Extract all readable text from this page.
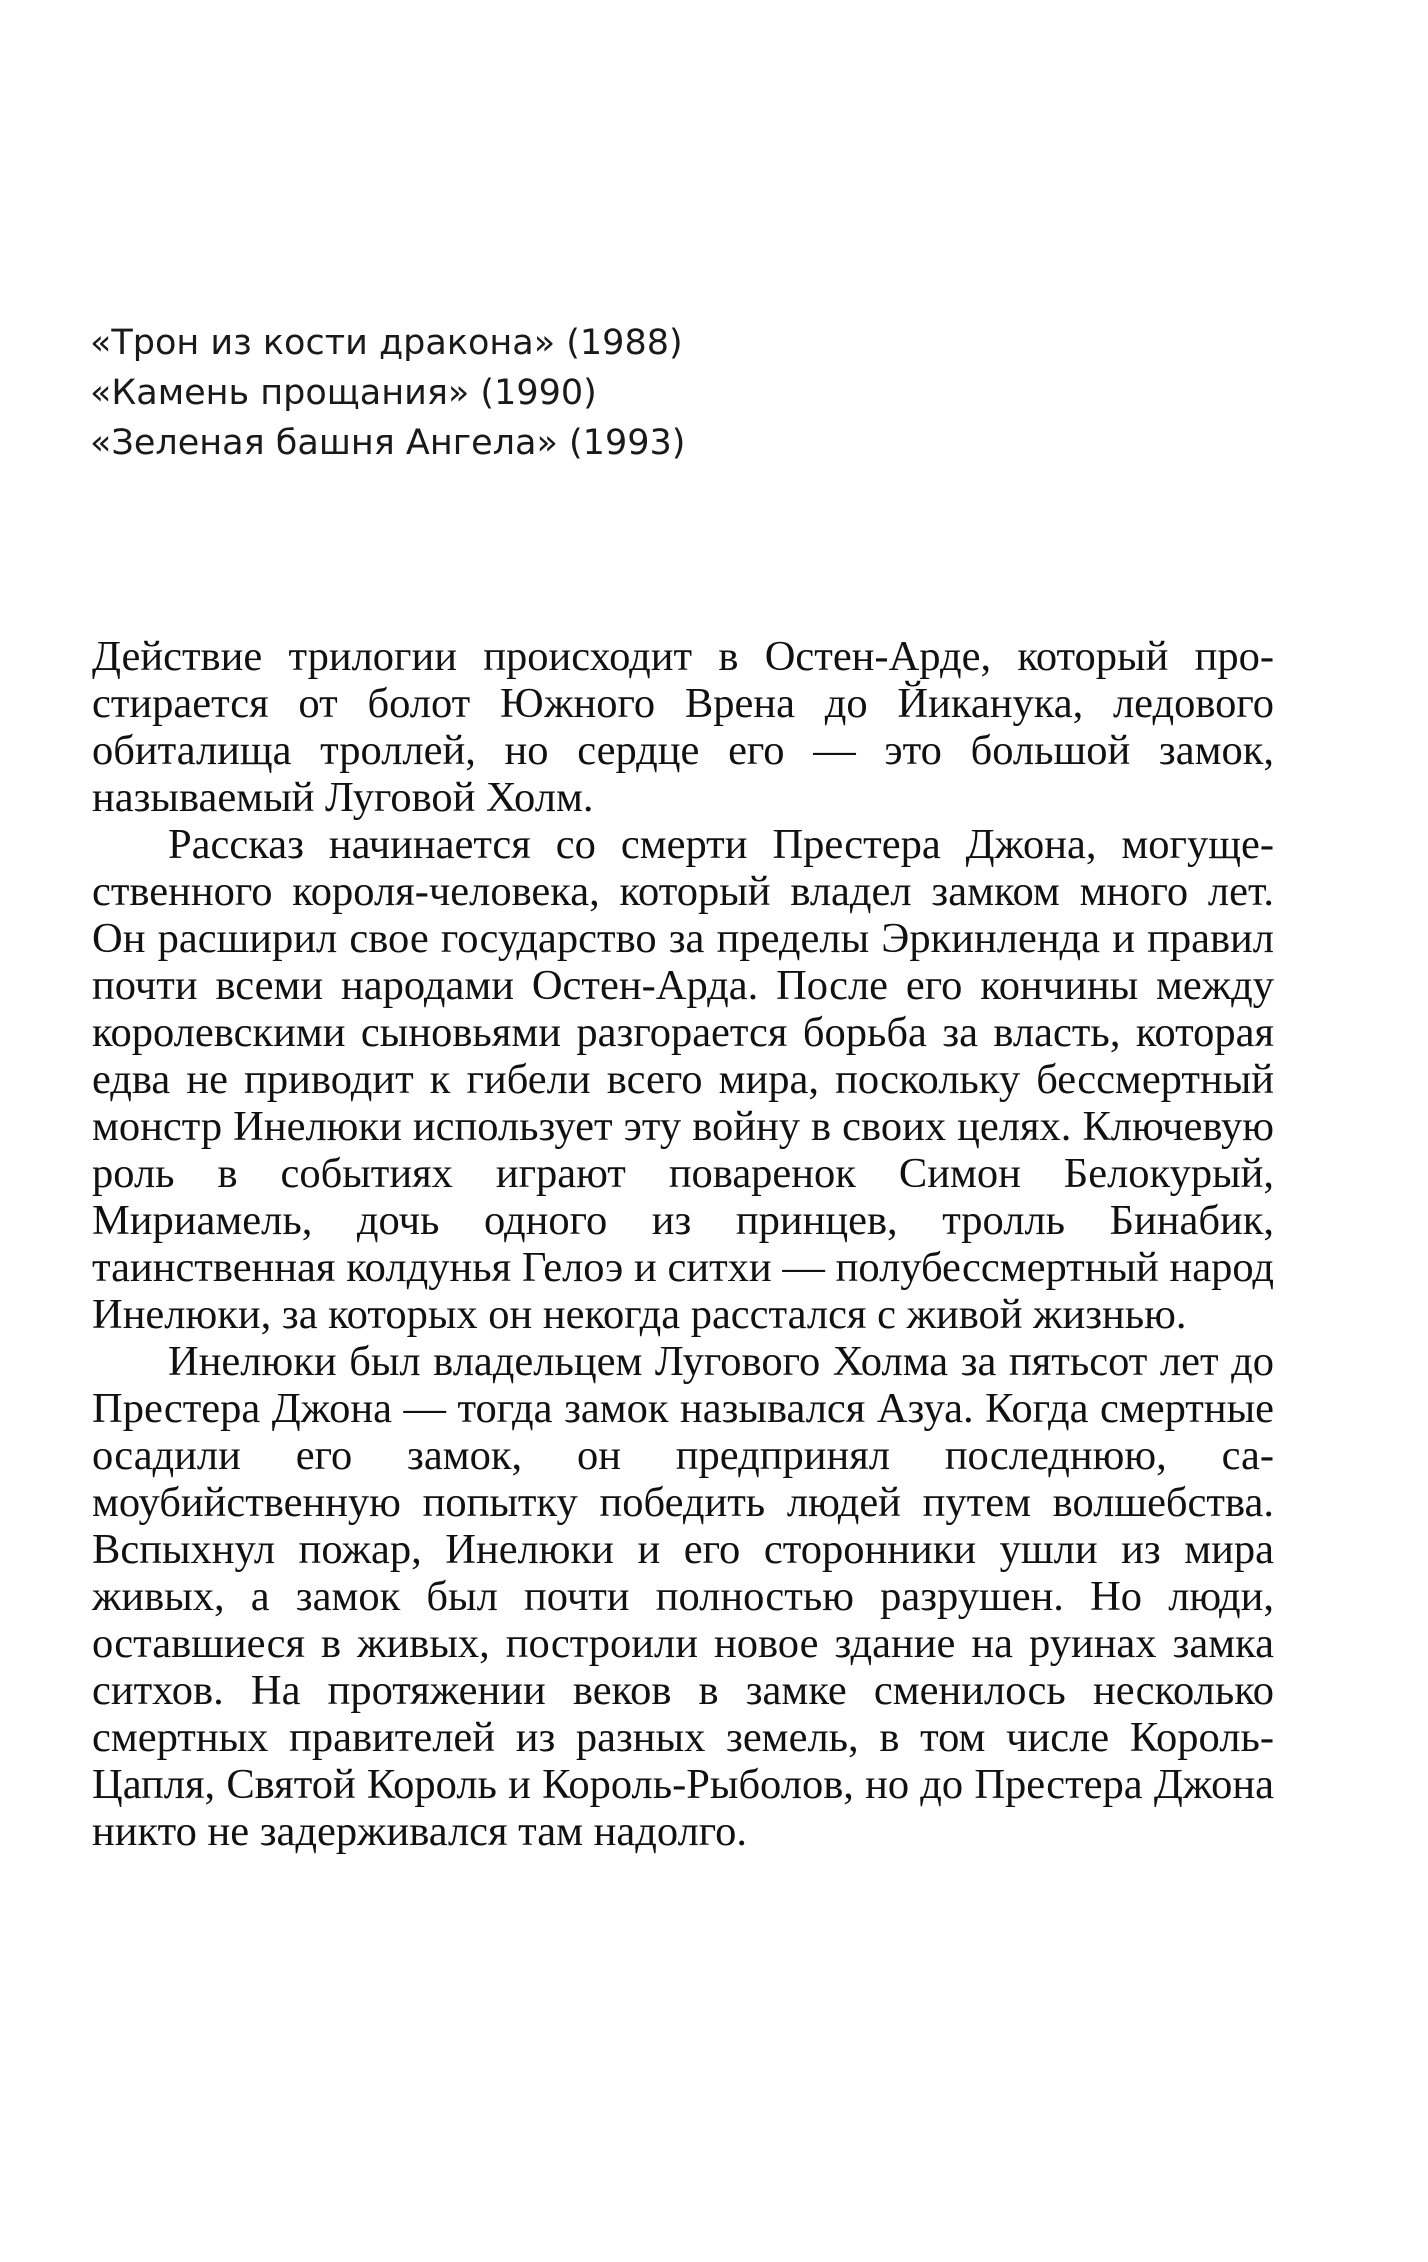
«Трон из кости дракона» (1988)
«Камень прощания» (1990)
«Зеленая башня Ангела» (1993)

Действие трилогии происходит в Остен-Арде, который простирается от болот Южного Врена до Йиканука, ледового обиталища троллей, но сердце его — это большой замок, называемый Луговой Холм.

Рассказ начинается со смерти Престера Джона, могущественного короля-человека, который владел замком много лет. Он расширил свое государство за пределы Эркинленда и правил почти всеми народами Остен-Арда. После его кончины между королевскими сыновьями разгорается борьба за власть, которая едва не приводит к гибели всего мира, поскольку бессмертный монстр Инелюки использует эту войну в своих целях. Ключевую роль в событиях играют поваренок Симон Белокурый, Мириамель, дочь одного из принцев, тролль Бинабик, таинственная колдунья Гелоэ и ситхи — полубессмертный народ Инелюки, за которых он некогда расстался с живой жизнью.

Инелюки был владельцем Лугового Холма за пятьсот лет до Престера Джона — тогда замок назывался Азуа. Когда смертные осадили его замок, он предпринял последнюю, самоубийственную попытку победить людей путем волшебства. Вспыхнул пожар, Инелюки и его сторонники ушли из мира живых, а замок был почти полностью разрушен. Но люди, оставшиеся в живых, построили новое здание на руинах замка ситхов. На протяжении веков в замке сменилось несколько смертных правителей из разных земель, в том числе Король-Цапля, Святой Король и Король-Рыболов, но до Престера Джона никто не задерживался там надолго.
